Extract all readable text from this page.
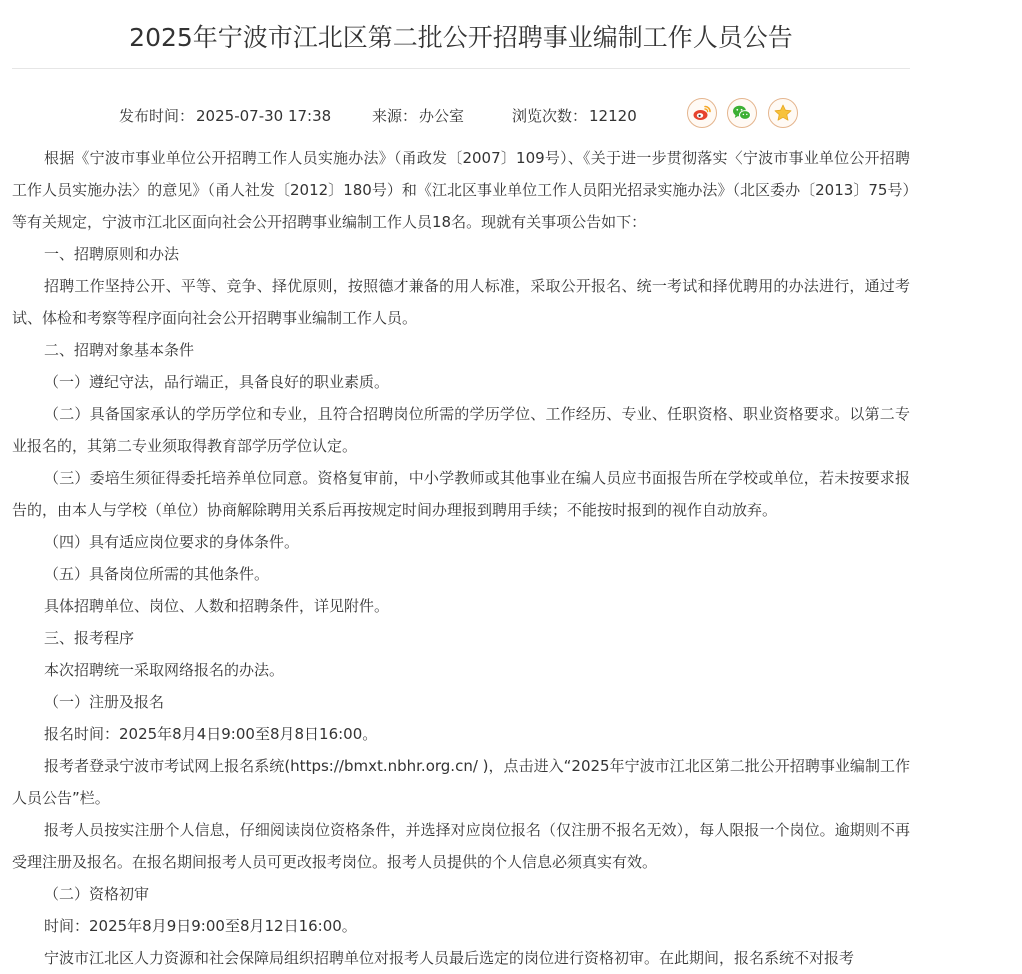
2025年宁波市江北区第二批公开招聘事业编制工作人员公告
发布时间： 2025-07-30 17:38	来源： 办公室	浏览次数： 12120

根据《宁波市事业单位公开招聘工作人员实施办法》（甬政发〔2007〕109号）、《关于进一步贯彻落实〈宁波市事业单位公开招聘工作人员实施办法〉的意见》（甬人社发〔2012〕180号）和《江北区事业单位工作人员阳光招录实施办法》（北区委办〔2013〕75号）等有关规定，宁波市江北区面向社会公开招聘事业编制工作人员18名。现就有关事项公告如下：

一、招聘原则和办法

招聘工作坚持公开、平等、竞争、择优原则，按照德才兼备的用人标准，采取公开报名、统一考试和择优聘用的办法进行，通过考试、体检和考察等程序面向社会公开招聘事业编制工作人员。

二、招聘对象基本条件

（一）遵纪守法，品行端正，具备良好的职业素质。

（二）具备国家承认的学历学位和专业，且符合招聘岗位所需的学历学位、工作经历、专业、任职资格、职业资格要求。以第二专业报名的，其第二专业须取得教育部学历学位认定。

（三）委培生须征得委托培养单位同意。资格复审前，中小学教师或其他事业在编人员应书面报告所在学校或单位，若未按要求报告的，由本人与学校（单位）协商解除聘用关系后再按规定时间办理报到聘用手续；不能按时报到的视作自动放弃。

（四）具有适应岗位要求的身体条件。

（五）具备岗位所需的其他条件。

具体招聘单位、岗位、人数和招聘条件，详见附件。

三、报考程序

本次招聘统一采取网络报名的办法。

（一）注册及报名

报名时间：2025年8月4日9:00至8月8日16:00。

报考者登录宁波市考试网上报名系统(https://bmxt.nbhr.org.cn/ )，点击进入“2025年宁波市江北区第二批公开招聘事业编制工作人员公告”栏。

报考人员按实注册个人信息，仔细阅读岗位资格条件，并选择对应岗位报名（仅注册不报名无效），每人限报一个岗位。逾期则不再受理注册及报名。在报名期间报考人员可更改报考岗位。报考人员提供的个人信息必须真实有效。

（二）资格初审

时间：2025年8月9日9:00至8月12日16:00。

宁波市江北区人力资源和社会保障局组织招聘单位对报考人员最后选定的岗位进行资格初审。在此期间，报名系统不对报考
